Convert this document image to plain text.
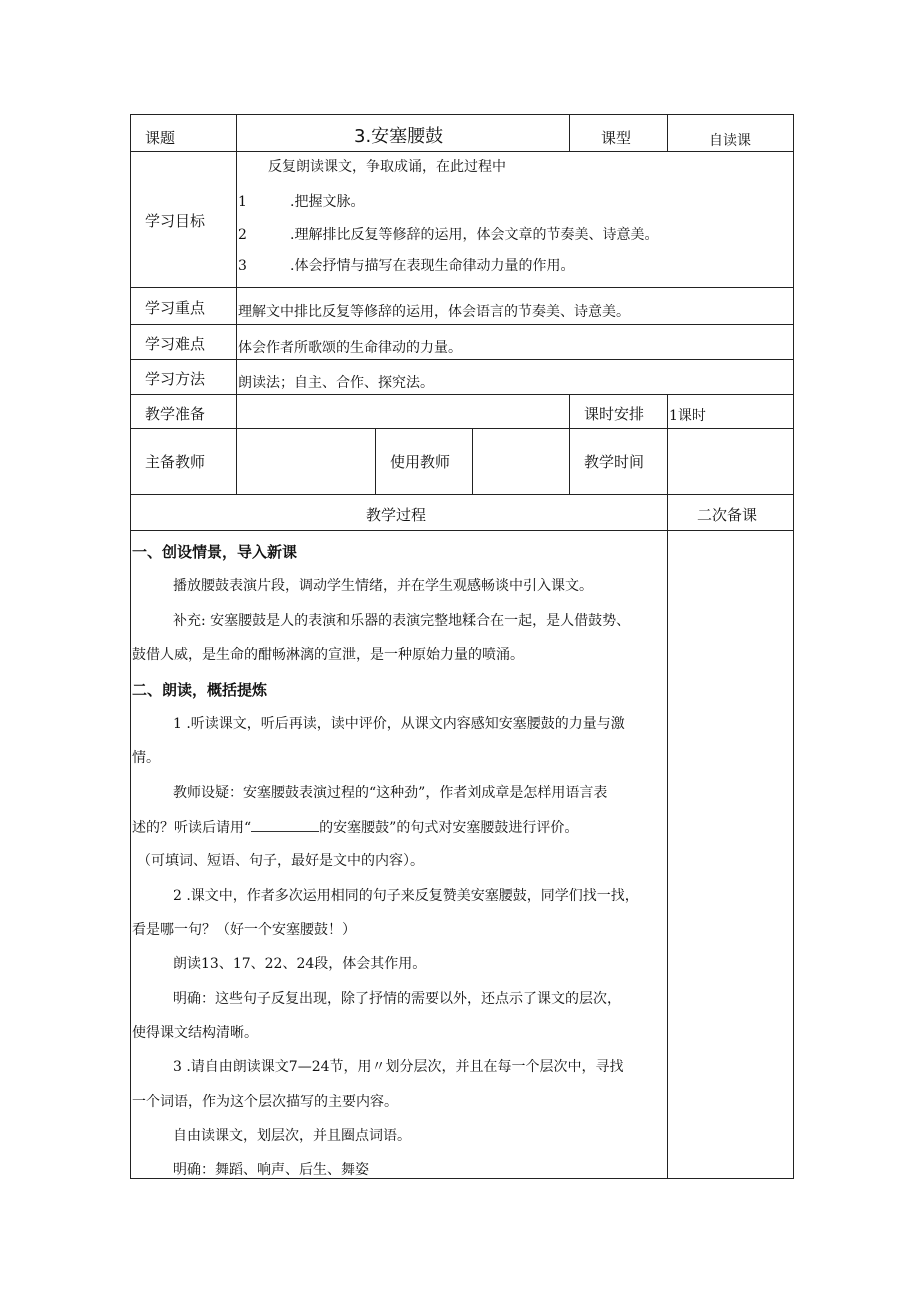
课题	3.安塞腰鼓	课型	自读课
学习目标
反复朗读课文，争取成诵，在此过程中
1	.把握文脉。
2	.理解排比反复等修辞的运用，体会文章的节奏美、诗意美。
3	.体会抒情与描写在表现生命律动力量的作用。
学习重点 理解文中排比反复等修辞的运用，体会语言的节奏美、诗意美。
学习难点 体会作者所歌颂的生命律动的力量。
学习方法 朗读法；自主、合作、探究法。
教学准备	课时安排 1课时
主备教师	使用教师	教学时间
教学过程	二次备课
一、创设情景，导入新课
播放腰鼓表演片段，调动学生情绪，并在学生观感畅谈中引入课文。
补充: 安塞腰鼓是人的表演和乐器的表演完整地糅合在一起，是人借鼓势、
鼓借人威，是生命的酣畅淋漓的宣泄，是一种原始力量的喷涌。
二、朗读，概括提炼
1 .听读课文，听后再读，读中评价，从课文内容感知安塞腰鼓的力量与激
情。
教师设疑：安塞腰鼓表演过程的“这种劲”，作者刘成章是怎样用语言表
述的？听读后请用“	的安塞腰鼓”的句式对安塞腰鼓进行评价。
（可填词、短语、句子，最好是文中的内容）。
2 .课文中，作者多次运用相同的句子来反复赞美安塞腰鼓，同学们找一找，
看是哪一句？（好一个安塞腰鼓！）
朗读13、17、22、24段，体会其作用。
明确：这些句子反复出现，除了抒情的需要以外，还点示了课文的层次，
使得课文结构清晰。
3 .请自由朗读课文7—24节，用〃划分层次，并且在每一个层次中，寻找
一个词语，作为这个层次描写的主要内容。
自由读课文，划层次，并且圈点词语。
明确：舞蹈、响声、后生、舞姿
